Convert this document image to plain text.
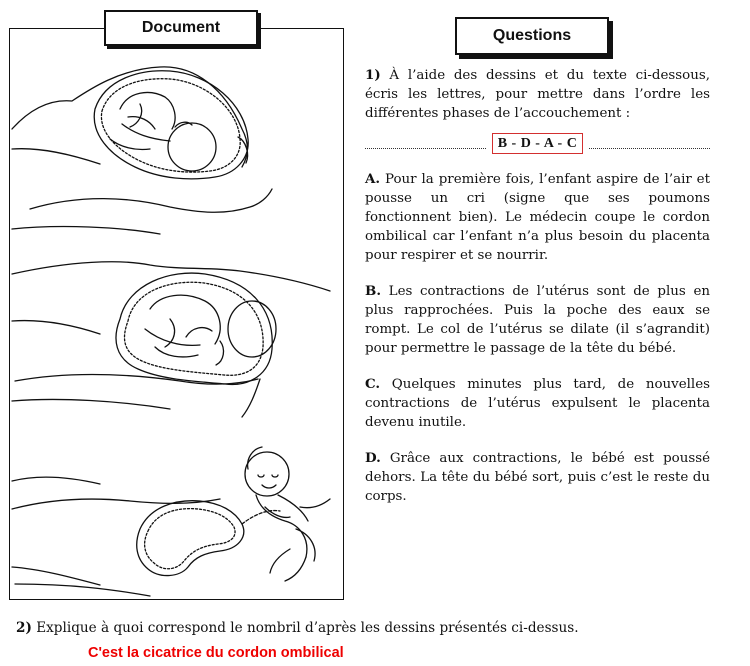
Document	Questions

1) À l’aide des dessins et du texte ci-dessous, écris les lettres, pour mettre dans l’ordre les différentes phases de l’accouchement :

B - D - A - C

A. Pour la première fois, l’enfant aspire de l’air et pousse un cri (signe que ses poumons fonctionnent bien). Le médecin coupe le cordon ombilical car l’enfant n’a plus besoin du placenta pour respirer et se nourrir.

B. Les contractions de l’utérus sont de plus en plus rapprochées. Puis la poche des eaux se rompt. Le col de l’utérus se dilate (il s’agrandit) pour permettre le passage de la tête du bébé.

C. Quelques minutes plus tard, de nouvelles contractions de l’utérus expulsent le placenta devenu inutile.

D. Grâce aux contractions, le bébé est poussé dehors. La tête du bébé sort, puis c’est le reste du corps.

2) Explique à quoi correspond le nombril d’après les dessins présentés ci-dessus.
C'est la cicatrice du cordon ombilical
